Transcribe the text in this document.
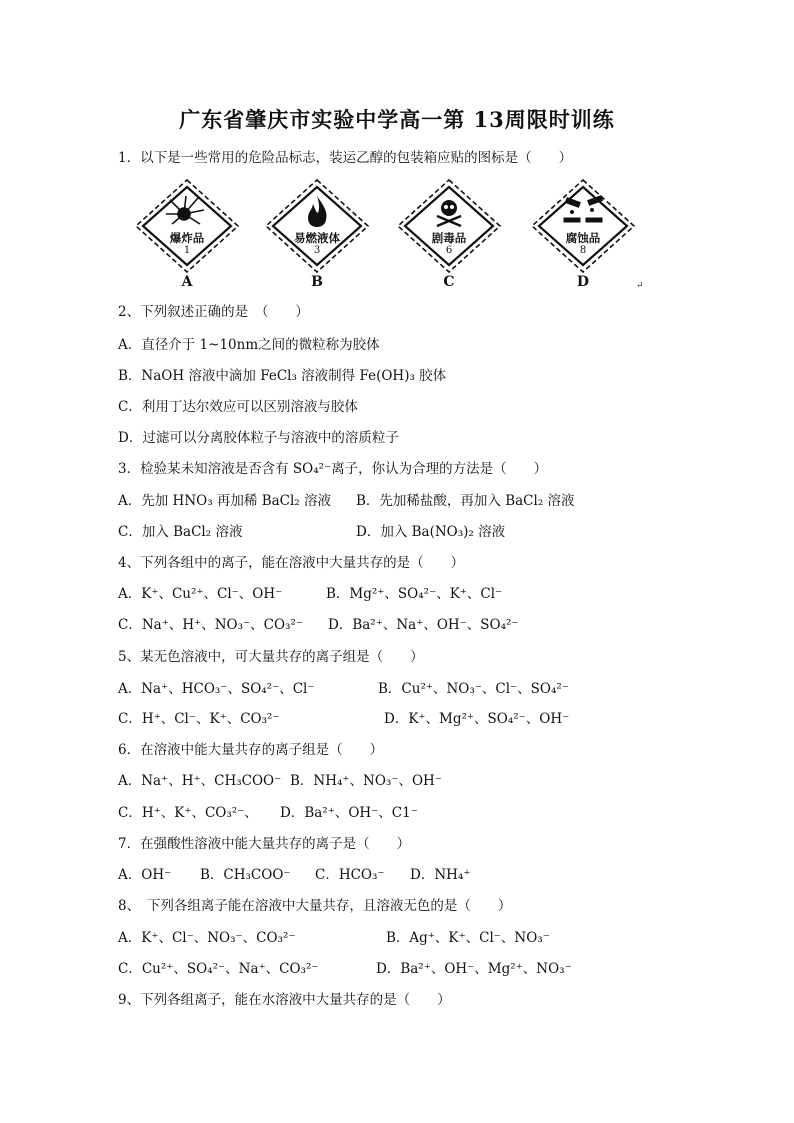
广东省肇庆市实验中学高一第 13周限时训练
1．以下是一些常用的危险品标志，装运乙醇的包装箱应贴的图标是（　　）
爆炸品
1
A
易燃液体
3
B
剧毒品
6
C
腐蚀品
8
D	↵
2、下列叙述正确的是　（　　）
A．直径介于 1~10nm之间的微粒称为胶体
B．NaOH 溶液中滴加 FeCl₃ 溶液制得 Fe(OH)₃ 胶体
C．利用丁达尔效应可以区别溶液与胶体
D．过滤可以分离胶体粒子与溶液中的溶质粒子
3．检验某未知溶液是否含有 SO₄²⁻离子，你认为合理的方法是（　　）
A．先加 HNO₃ 再加稀 BaCl₂ 溶液 B．先加稀盐酸，再加入 BaCl₂ 溶液
C．加入 BaCl₂ 溶液	D．加入 Ba(NO₃)₂ 溶液
4、下列各组中的离子，能在溶液中大量共存的是（　　）
A．K⁺、Cu²⁺、Cl⁻、OH⁻	B．Mg²⁺、SO₄²⁻、K⁺、Cl⁻
C．Na⁺、H⁺、NO₃⁻、CO₃²⁻ D．Ba²⁺、Na⁺、OH⁻、SO₄²⁻
5、某无色溶液中，可大量共存的离子组是（　　）
A．Na⁺、HCO₃⁻、SO₄²⁻、Cl⁻	B．Cu²⁺、NO₃⁻、Cl⁻、SO₄²⁻
C．H⁺、Cl⁻、K⁺、CO₃²⁻	D．K⁺、Mg²⁺、SO₄²⁻、OH⁻
6．在溶液中能大量共存的离子组是（　　）
A．Na⁺、H⁺、CH₃COO⁻ B．NH₄⁺、NO₃⁻、OH⁻
C．H⁺、K⁺、CO₃²⁻、 D．Ba²⁺、OH⁻、C1⁻
7．在强酸性溶液中能大量共存的离子是（　　）
A．OH⁻ B．CH₃COO⁻ C．HCO₃⁻ D．NH₄⁺
8、　下列各组离子能在溶液中大量共存，且溶液无色的是（　　）
A．K⁺、Cl⁻、NO₃⁻、CO₃²⁻	B．Ag⁺、K⁺、Cl⁻、NO₃⁻
C．Cu²⁺、SO₄²⁻、Na⁺、CO₃²⁻	D．Ba²⁺、OH⁻、Mg²⁺、NO₃⁻
9、下列各组离子，能在水溶液中大量共存的是（　　）
